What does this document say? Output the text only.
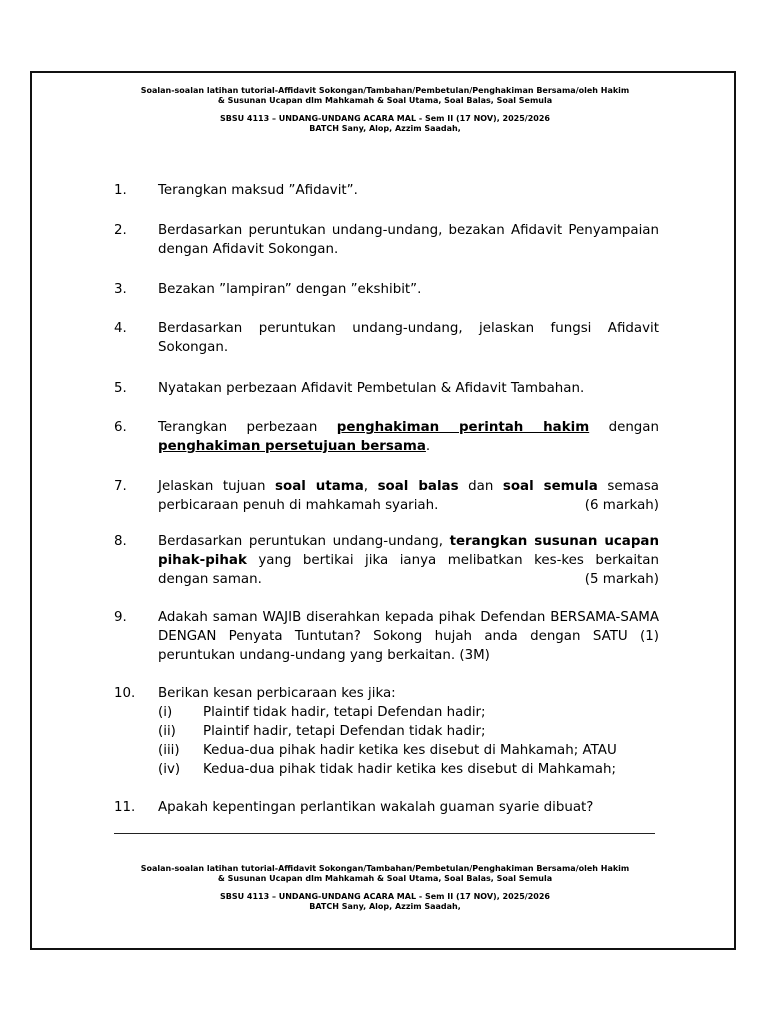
Soalan-soalan latihan tutorial-Affidavit Sokongan/Tambahan/Pembetulan/Penghakiman Bersama/oleh Hakim

& Susunan Ucapan dlm Mahkamah & Soal Utama, Soal Balas, Soal Semula

SBSU 4113 – UNDANG-UNDANG ACARA MAL - Sem II (17 NOV), 2025/2026

BATCH Sany, Alop, Azzim Saadah,

1. Terangkan maksud ”Afidavit”.

2. Berdasarkan peruntukan undang-undang, bezakan Afidavit Penyampaian dengan Afidavit Sokongan.

3. Bezakan ”lampiran” dengan ”ekshibit”.

4. Berdasarkan peruntukan undang-undang, jelaskan fungsi Afidavit Sokongan.

5. Nyatakan perbezaan Afidavit Pembetulan & Afidavit Tambahan.

6. Terangkan perbezaan penghakiman perintah hakim dengan penghakiman persetujuan bersama.

7. Jelaskan tujuan soal utama, soal balas dan soal semula semasa perbicaraan penuh di mahkamah syariah.	(6 markah)

8. Berdasarkan peruntukan undang-undang, terangkan susunan ucapan pihak-pihak yang bertikai jika ianya melibatkan kes-kes berkaitan dengan saman.	(5 markah)

9. Adakah saman WAJIB diserahkan kepada pihak Defendan BERSAMA-SAMA DENGAN Penyata Tuntutan? Sokong hujah anda dengan SATU (1) peruntukan undang-undang yang berkaitan. (3M)

10. Berikan kesan perbicaraan kes jika:

(i) Plaintif tidak hadir, tetapi Defendan hadir;
(ii) Plaintif hadir, tetapi Defendan tidak hadir;
(iii) Kedua-dua pihak hadir ketika kes disebut di Mahkamah; ATAU
(iv) Kedua-dua pihak tidak hadir ketika kes disebut di Mahkamah;
11. Apakah kepentingan perlantikan wakalah guaman syarie dibuat?

Soalan-soalan latihan tutorial-Affidavit Sokongan/Tambahan/Pembetulan/Penghakiman Bersama/oleh Hakim

& Susunan Ucapan dlm Mahkamah & Soal Utama, Soal Balas, Soal Semula

SBSU 4113 – UNDANG-UNDANG ACARA MAL - Sem II (17 NOV), 2025/2026

BATCH Sany, Alop, Azzim Saadah,
